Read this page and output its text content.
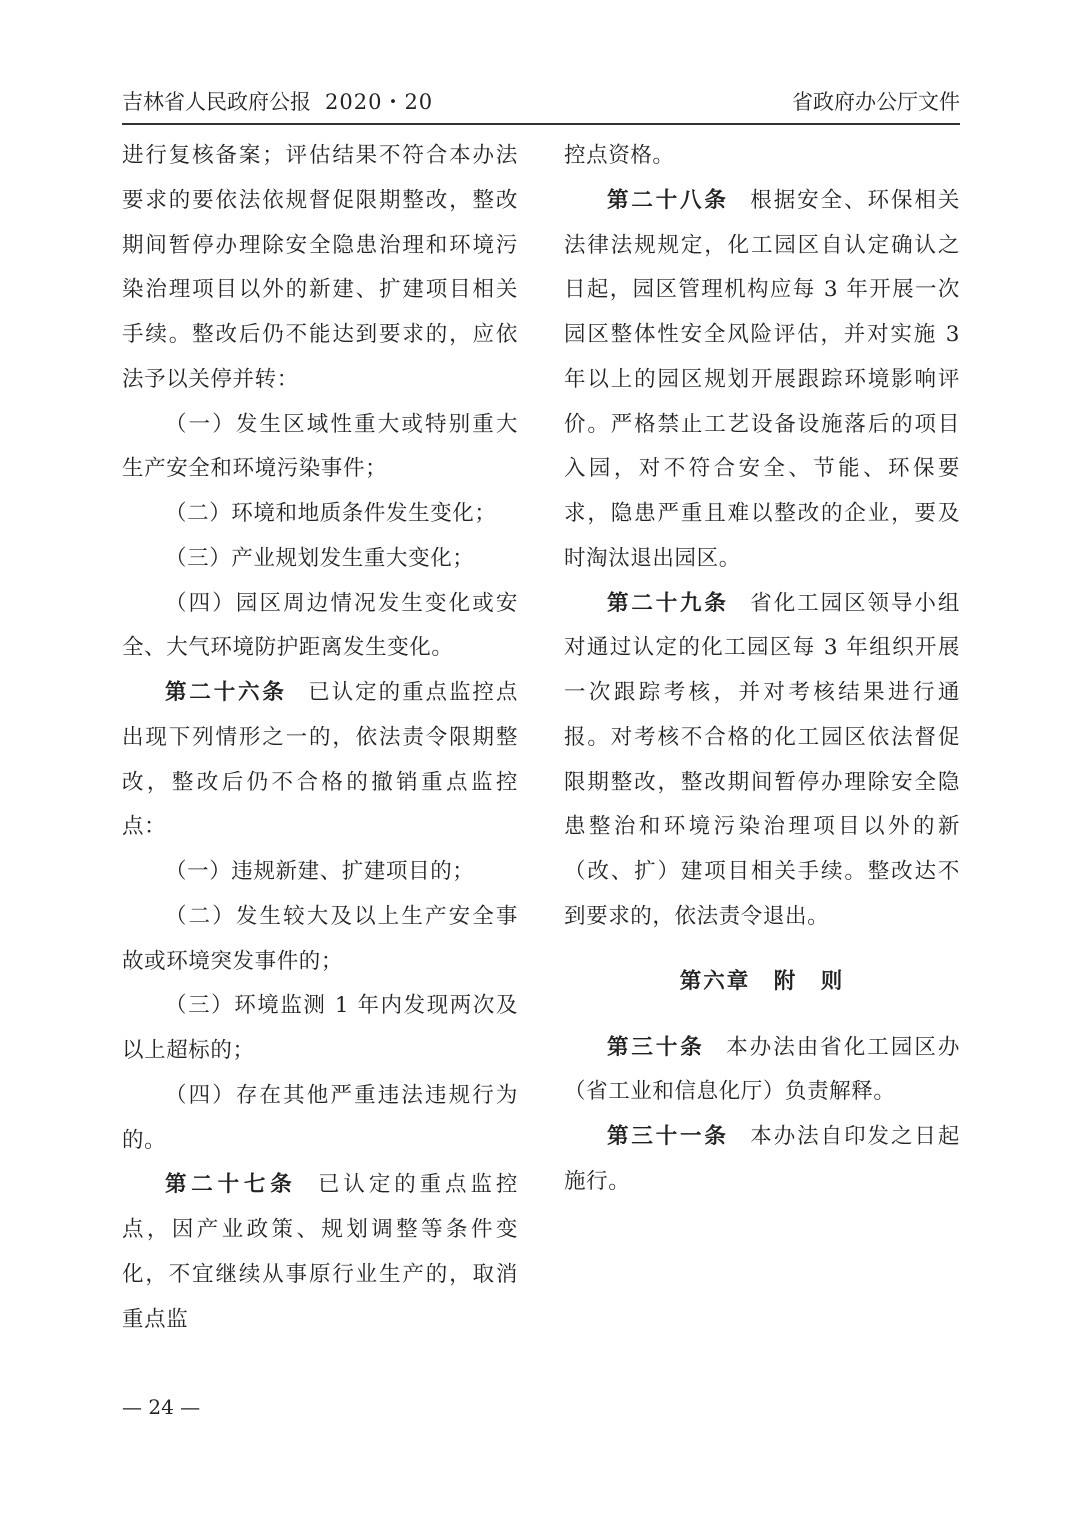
吉林省人民政府公报 2020・20	省政府办公厅文件

进行复核备案；评估结果不符合本办法要求的要依法依规督促限期整改，整改期间暂停办理除安全隐患治理和环境污染治理项目以外的新建、扩建项目相关手续。整改后仍不能达到要求的，应依法予以关停并转：

（一）发生区域性重大或特别重大生产安全和环境污染事件；

（二）环境和地质条件发生变化；

（三）产业规划发生重大变化；

（四）园区周边情况发生变化或安全、大气环境防护距离发生变化。

第二十六条 已认定的重点监控点出现下列情形之一的，依法责令限期整改，整改后仍不合格的撤销重点监控点：

（一）违规新建、扩建项目的；

（二）发生较大及以上生产安全事故或环境突发事件的；

（三）环境监测 1 年内发现两次及以上超标的；

（四）存在其他严重违法违规行为的。

第二十七条 已认定的重点监控点，因产业政策、规划调整等条件变化，不宜继续从事原行业生产的，取消重点监

控点资格。

第二十八条 根据安全、环保相关法律法规规定，化工园区自认定确认之日起，园区管理机构应每 3 年开展一次园区整体性安全风险评估，并对实施 3 年以上的园区规划开展跟踪环境影响评价。严格禁止工艺设备设施落后的项目入园，对不符合安全、节能、环保要求，隐患严重且难以整改的企业，要及时淘汰退出园区。

第二十九条 省化工园区领导小组对通过认定的化工园区每 3 年组织开展一次跟踪考核，并对考核结果进行通报。对考核不合格的化工园区依法督促限期整改，整改期间暂停办理除安全隐患整治和环境污染治理项目以外的新（改、扩）建项目相关手续。整改达不到要求的，依法责令退出。

第六章　附　则

第三十条 本办法由省化工园区办（省工业和信息化厅）负责解释。

第三十一条 本办法自印发之日起施行。

— 24 —
